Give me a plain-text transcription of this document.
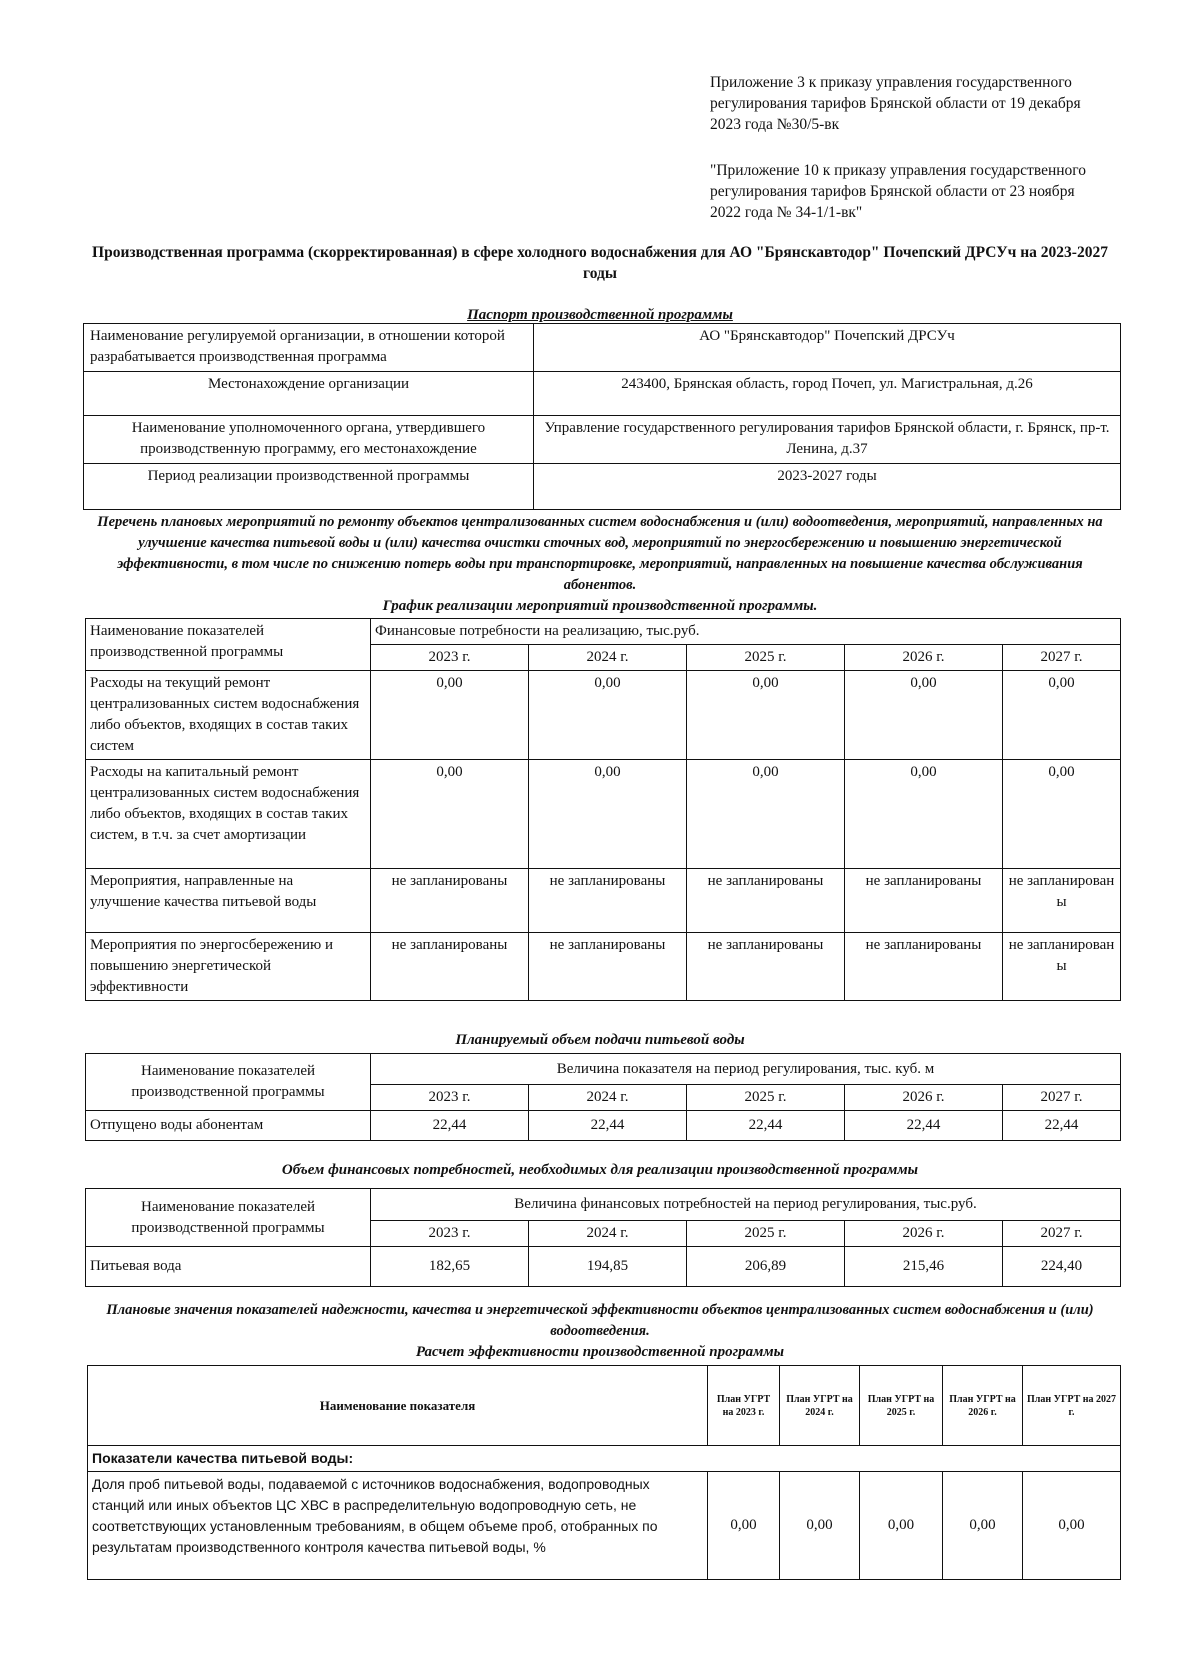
Приложение 3 к приказу управления государственного регулирования тарифов Брянской области от 19 декабря 2023 года №30/5-вк
"Приложение 10 к приказу управления государственного регулирования тарифов Брянской области от 23 ноября 2022 года № 34-1/1-вк"
Производственная программа (скорректированная) в сфере холодного водоснабжения для АО "Брянскавтодор" Почепский ДРСУч на 2023-2027 годы
Паспорт производственной программы
Наименование регулируемой организации, в отношении которой разрабатывается производственная программа	АО "Брянскавтодор" Почепский ДРСУч
Местонахождение организации	243400, Брянская область, город Почеп, ул. Магистральная, д.26
Наименование уполномоченного органа, утвердившего производственную программу, его местонахождение	Управление государственного регулирования тарифов Брянской области, г. Брянск, пр-т. Ленина, д.37
Период реализации производственной программы	2023-2027 годы
Перечень плановых мероприятий по ремонту объектов централизованных систем водоснабжения и (или) водоотведения, мероприятий, направленных на улучшение качества питьевой воды и (или) качества очистки сточных вод, мероприятий по энергосбережению и повышению энергетической эффективности, в том числе по снижению потерь воды при транспортировке, мероприятий, направленных на повышение качества обслуживания абонентов.
График реализации мероприятий производственной программы.
Наименование показателей производственной программы	Финансовые потребности на реализацию, тыс.руб.				
	2023 г.	2024 г.	2025 г.	2026 г.	2027 г.
Расходы на текущий ремонт централизованных систем водоснабжения либо объектов, входящих в состав таких систем	0,00	0,00	0,00	0,00	0,00
Расходы на капитальный ремонт централизованных систем водоснабжения либо объектов, входящих в состав таких систем, в т.ч. за счет амортизации	0,00	0,00	0,00	0,00	0,00
Мероприятия, направленные на улучшение качества питьевой воды	не запланированы	не запланированы	не запланированы	не запланированы	не запланированы
Мероприятия по энергосбережению и повышению энергетической эффективности	не запланированы	не запланированы	не запланированы	не запланированы	не запланированы
Планируемый объем подачи питьевой воды
Наименование показателей производственной программы	Величина показателя на период регулирования, тыс. куб. м				
	2023 г.	2024 г.	2025 г.	2026 г.	2027 г.
Отпущено воды абонентам	22,44	22,44	22,44	22,44	22,44
Объем финансовых потребностей, необходимых для реализации производственной программы
Наименование показателей производственной программы	Величина финансовых потребностей на период регулирования, тыс.руб.				
	2023 г.	2024 г.	2025 г.	2026 г.	2027 г.
Питьевая вода	182,65	194,85	206,89	215,46	224,40
Плановые значения показателей надежности, качества и энергетической эффективности объектов централизованных систем водоснабжения и (или) водоотведения.
Расчет эффективности производственной программы
Наименование показателя	План УГРТ на 2023 г.	План УГРТ на 2024 г.	План УГРТ на 2025 г.	План УГРТ на 2026 г.	План УГРТ на 2027 г.
Показатели качества питьевой воды:					
Доля проб питьевой воды, подаваемой с источников водоснабжения, водопроводных станций или иных объектов ЦС ХВС в распределительную водопроводную сеть, не соответствующих установленным требованиям, в общем объеме проб, отобранных по результатам производственного контроля качества питьевой воды, %	0,00	0,00	0,00	0,00	0,00
